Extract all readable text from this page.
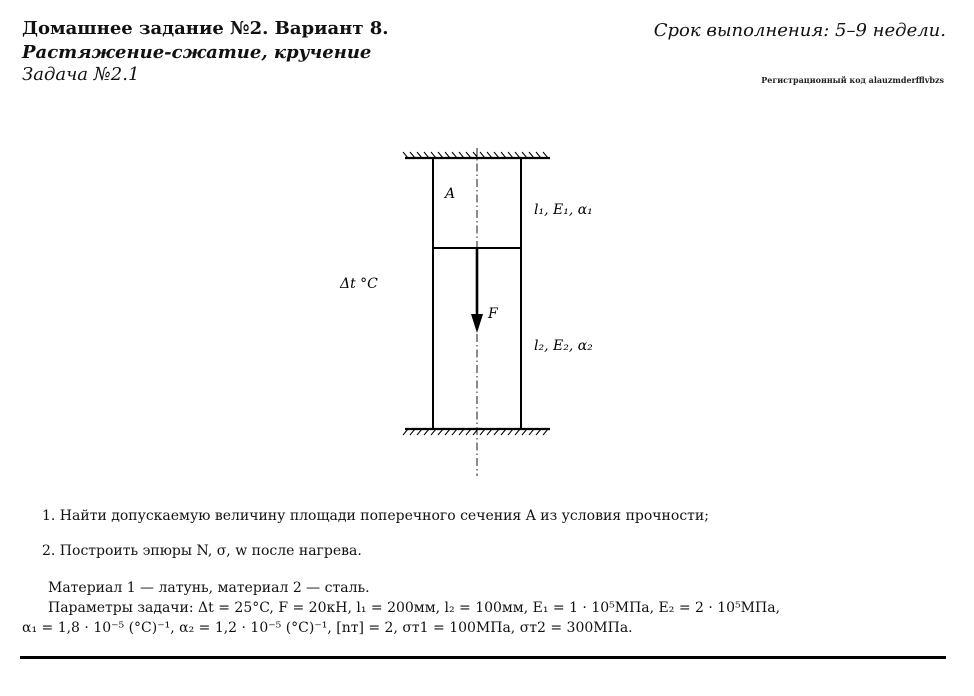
Домашнее задание №2. Вариант 8.
Растяжение-сжатие, кручение
Задача №2.1
Срок выполнения: 5–9 недели.
Регистрационный код alauzmderfflvbzs
A
F
l₁, E₁, α₁
l₂, E₂, α₂
Δt °C
1. Найти допускаемую величину площади поперечного сечения A из условия прочности;
2. Построить эпюры N, σ, w после нагрева.
Материал 1 — латунь, материал 2 — сталь.
Параметры задачи: Δt = 25°C, F = 20кН, l₁ = 200мм, l₂ = 100мм, E₁ = 1 · 10⁵МПа, E₂ = 2 · 10⁵МПа,
α₁ = 1,8 · 10⁻⁵ (°C)⁻¹, α₂ = 1,2 · 10⁻⁵ (°C)⁻¹, [nт] = 2, σт1 = 100МПа, σт2 = 300МПа.
